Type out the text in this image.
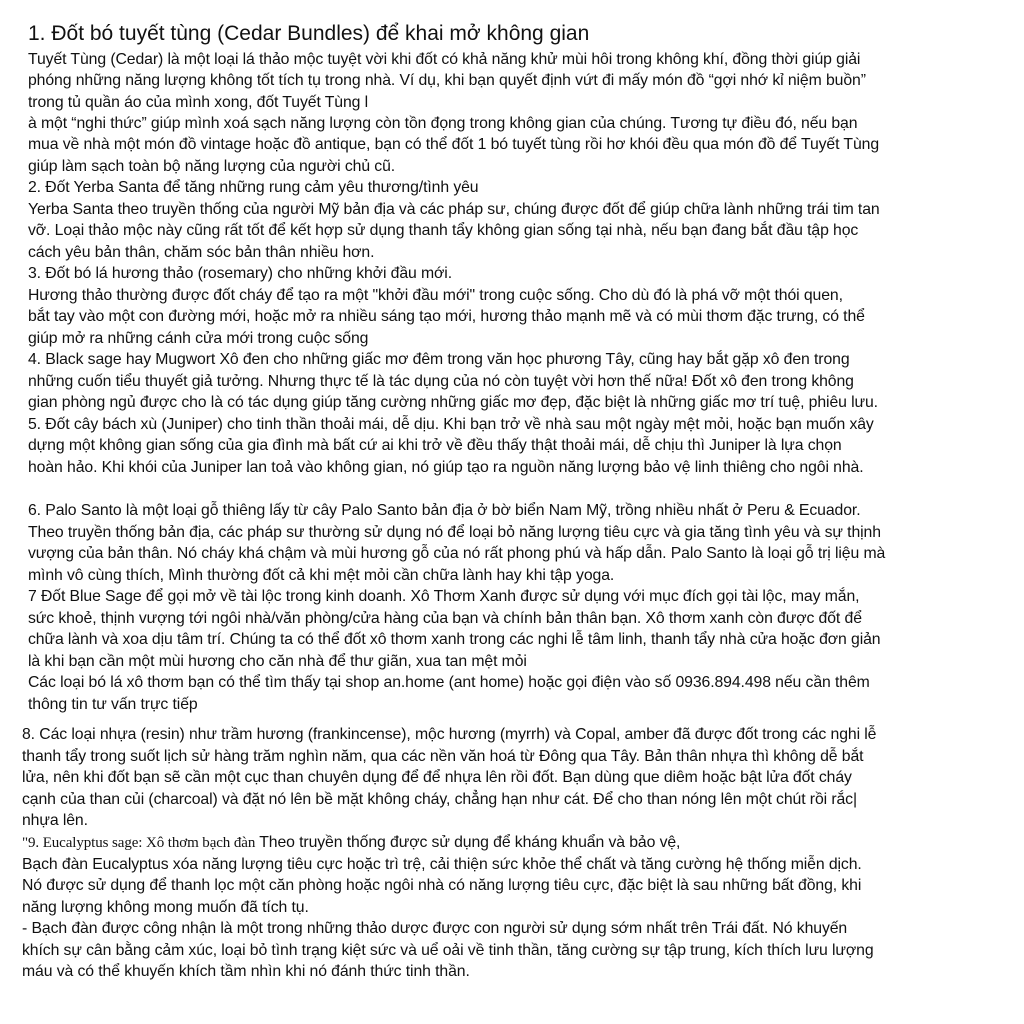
1. Đốt bó tuyết tùng (Cedar Bundles) để khai mở không gian
Tuyết Tùng (Cedar) là một loại lá thảo mộc tuyệt vời khi đốt có khả năng khử mùi hôi trong không khí, đồng thời giúp giải
phóng những năng lượng không tốt tích tụ trong nhà. Ví dụ, khi bạn quyết định vứt đi mấy món đồ “gợi nhớ kỉ niệm buồn”
trong tủ quần áo của mình xong, đốt Tuyết Tùng l
à một “nghi thức” giúp mình xoá sạch năng lượng còn tồn đọng trong không gian của chúng. Tương tự điều đó, nếu bạn
mua về nhà một món đồ vintage hoặc đồ antique, bạn có thể đốt 1 bó tuyết tùng rồi hơ khói đều qua món đồ để Tuyết Tùng
giúp làm sạch toàn bộ năng lượng của người chủ cũ.
2. Đốt Yerba Santa để tăng những rung cảm yêu thương/tình yêu
Yerba Santa theo truyền thống của người Mỹ bản địa và các pháp sư, chúng được đốt để giúp chữa lành những trái tim tan
vỡ. Loại thảo mộc này cũng rất tốt để kết hợp sử dụng thanh tẩy không gian sống tại nhà, nếu bạn đang bắt đầu tập học
cách yêu bản thân, chăm sóc bản thân nhiều hơn.
3. Đốt bó lá hương thảo (rosemary) cho những khởi đầu mới.
Hương thảo thường được đốt cháy để tạo ra một "khởi đầu mới" trong cuộc sống. Cho dù đó là phá vỡ một thói quen,
bắt tay vào một con đường mới, hoặc mở ra nhiều sáng tạo mới, hương thảo mạnh mẽ và có mùi thơm đặc trưng, có thể
giúp mở ra những cánh cửa mới trong cuộc sống
4. Black sage hay Mugwort Xô đen cho những giấc mơ đêm trong văn học phương Tây, cũng hay bắt gặp xô đen trong
những cuốn tiểu thuyết giả tưởng. Nhưng thực tế là tác dụng của nó còn tuyệt vời hơn thế nữa! Đốt xô đen trong không
gian phòng ngủ được cho là có tác dụng giúp tăng cường những giấc mơ đẹp, đặc biệt là những giấc mơ trí tuệ, phiêu lưu.
5. Đốt cây bách xù (Juniper) cho tinh thần thoải mái, dễ dịu. Khi bạn trở về nhà sau một ngày mệt mỏi, hoặc bạn muốn xây
dựng một không gian sống của gia đình mà bất cứ ai khi trở về đều thấy thật thoải mái, dễ chịu thì Juniper là lựa chọn
hoàn hảo. Khi khói của Juniper lan toả vào không gian, nó giúp tạo ra nguồn năng lượng bảo vệ linh thiêng cho ngôi nhà.
6. Palo Santo là một loại gỗ thiêng lấy từ cây Palo Santo bản địa ở bờ biển Nam Mỹ, trồng nhiều nhất ở Peru & Ecuador.
Theo truyền thống bản địa, các pháp sư thường sử dụng nó để loại bỏ năng lượng tiêu cực và gia tăng tình yêu và sự thịnh
vượng của bản thân. Nó cháy khá chậm và mùi hương gỗ của nó rất phong phú và hấp dẫn. Palo Santo là loại gỗ trị liệu mà
mình vô cùng thích, Mình thường đốt cả khi mệt mỏi cần chữa lành hay khi tập yoga.
7 Đốt Blue Sage để gọi mở về tài lộc trong kinh doanh. Xô Thơm Xanh được sử dụng với mục đích gọi tài lộc, may mắn,
sức khoẻ, thịnh vượng tới ngôi nhà/văn phòng/cửa hàng của bạn và chính bản thân bạn. Xô thơm xanh còn được đốt để
chữa lành và xoa dịu tâm trí. Chúng ta có thể đốt xô thơm xanh trong các nghi lễ tâm linh, thanh tẩy nhà cửa hoặc đơn giản
là khi bạn cần một mùi hương cho căn nhà để thư giãn, xua tan mệt mỏi
Các loại bó lá xô thơm bạn có thể tìm thấy tại shop an.home (ant home) hoặc gọi điện vào số 0936.894.498 nếu cần thêm
thông tin tư vấn trực tiếp
8. Các loại nhựa (resin) như trầm hương (frankincense), mộc hương (myrrh) và Copal, amber đã được đốt trong các nghi lễ
thanh tẩy trong suốt lịch sử hàng trăm nghìn năm, qua các nền văn hoá từ Đông qua Tây. Bản thân nhựa thì không dễ bắt
lửa, nên khi đốt bạn sẽ cần một cục than chuyên dụng để để nhựa lên rồi đốt. Bạn dùng que diêm hoặc bật lửa đốt cháy
cạnh của than củi (charcoal) và đặt nó lên bề mặt không cháy, chẳng hạn như cát. Để cho than nóng lên một chút rồi rắc|
nhựa lên.
"9. Eucalyptus sage: Xô thơm bạch đàn Theo truyền thống được sử dụng để kháng khuẩn và bảo vệ,
Bạch đàn Eucalyptus xóa năng lượng tiêu cực hoặc trì trệ, cải thiện sức khỏe thể chất và tăng cường hệ thống miễn dịch.
Nó được sử dụng để thanh lọc một căn phòng hoặc ngôi nhà có năng lượng tiêu cực, đặc biệt là sau những bất đồng, khi
năng lượng không mong muốn đã tích tụ.
- Bạch đàn được công nhận là một trong những thảo dược được con người sử dụng sớm nhất trên Trái đất. Nó khuyến
khích sự cân bằng cảm xúc, loại bỏ tình trạng kiệt sức và uể oải về tinh thần, tăng cường sự tập trung, kích thích lưu lượng
máu và có thể khuyến khích tầm nhìn khi nó đánh thức tinh thần.
